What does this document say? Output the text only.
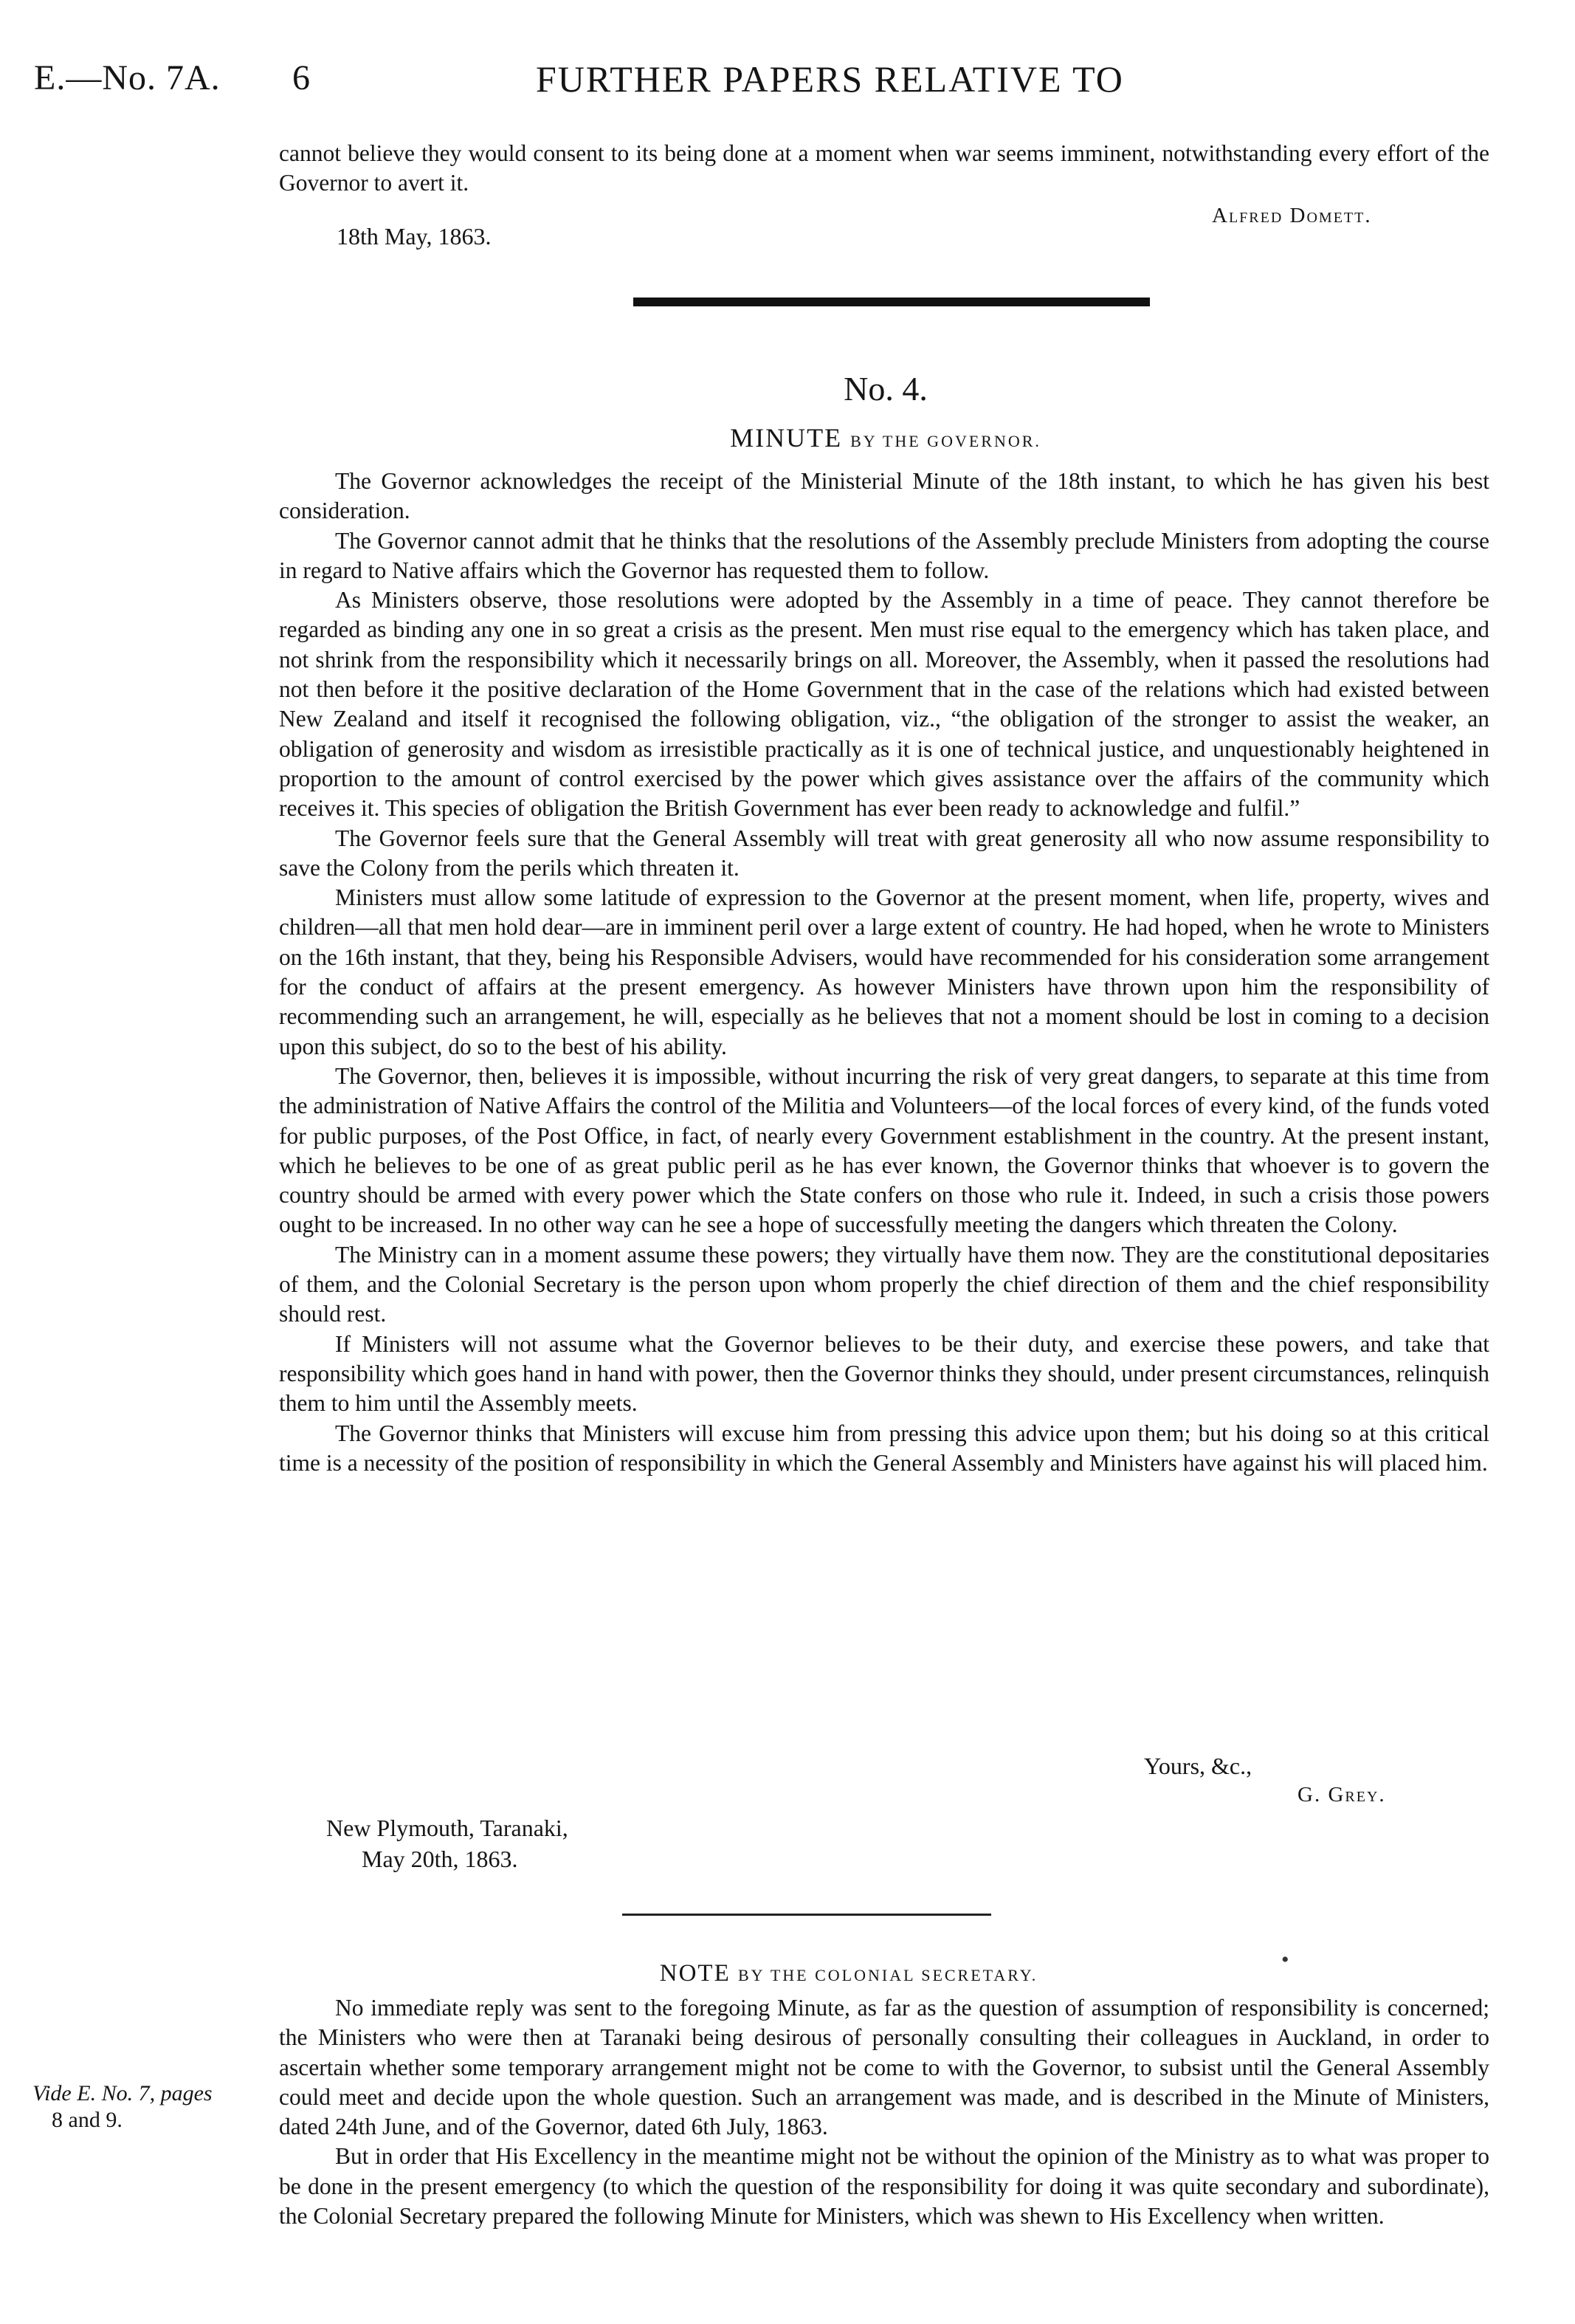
E.—No. 7A. 6	FURTHER PAPERS RELATIVE TO

cannot believe they would consent to its being done at a moment when war seems imminent, notwithstanding every effort of the Governor to avert it.

Alfred Domett.
18th May, 1863.
No. 4.
MINUTE BY THE GOVERNOR.

The Governor acknowledges the receipt of the Ministerial Minute of the 18th instant, to which he has given his best consideration.

The Governor cannot admit that he thinks that the resolutions of the Assembly preclude Ministers from adopting the course in regard to Native affairs which the Governor has requested them to follow.

As Ministers observe, those resolutions were adopted by the Assembly in a time of peace. They cannot therefore be regarded as binding any one in so great a crisis as the present. Men must rise equal to the emergency which has taken place, and not shrink from the responsibility which it necessarily brings on all. Moreover, the Assembly, when it passed the resolutions had not then before it the positive declaration of the Home Government that in the case of the relations which had existed between New Zealand and itself it recognised the following obligation, viz., “the obligation of the stronger to assist the weaker, an obligation of generosity and wisdom as irresistible practically as it is one of technical justice, and unquestionably heightened in proportion to the amount of control exercised by the power which gives assistance over the affairs of the community which receives it. This species of obligation the British Government has ever been ready to acknowledge and fulfil.”

The Governor feels sure that the General Assembly will treat with great generosity all who now assume responsibility to save the Colony from the perils which threaten it.

Ministers must allow some latitude of expression to the Governor at the present moment, when life, property, wives and children—all that men hold dear—are in imminent peril over a large extent of country. He had hoped, when he wrote to Ministers on the 16th instant, that they, being his Responsible Advisers, would have recommended for his consideration some arrangement for the conduct of affairs at the present emergency. As however Ministers have thrown upon him the responsibility of recommending such an arrangement, he will, especially as he believes that not a moment should be lost in coming to a decision upon this subject, do so to the best of his ability.

The Governor, then, believes it is impossible, without incurring the risk of very great dangers, to separate at this time from the administration of Native Affairs the control of the Militia and Volunteers—of the local forces of every kind, of the funds voted for public purposes, of the Post Office, in fact, of nearly every Government establishment in the country. At the present instant, which he believes to be one of as great public peril as he has ever known, the Governor thinks that whoever is to govern the country should be armed with every power which the State confers on those who rule it. Indeed, in such a crisis those powers ought to be increased. In no other way can he see a hope of successfully meeting the dangers which threaten the Colony.

The Ministry can in a moment assume these powers; they virtually have them now. They are the constitutional depositaries of them, and the Colonial Secretary is the person upon whom properly the chief direction of them and the chief responsibility should rest.

If Ministers will not assume what the Governor believes to be their duty, and exercise these powers, and take that responsibility which goes hand in hand with power, then the Governor thinks they should, under present circumstances, relinquish them to him until the Assembly meets.

The Governor thinks that Ministers will excuse him from pressing this advice upon them; but his doing so at this critical time is a necessity of the position of responsibility in which the General Assembly and Ministers have against his will placed him.

Yours, &c.,
G. Grey.
New Plymouth, Taranaki,
May 20th, 1863.
NOTE BY THE COLONIAL SECRETARY.
•

No immediate reply was sent to the foregoing Minute, as far as the question of assumption of responsibility is concerned; the Ministers who were then at Taranaki being desirous of personally consulting their colleagues in Auckland, in order to ascertain whether some temporary arrangement might not be come to with the Governor, to subsist until the General Assembly could meet and decide upon the whole question. Such an arrangement was made, and is described in the Minute of Ministers, dated 24th June, and of the Governor, dated 6th July, 1863.

But in order that His Excellency in the meantime might not be without the opinion of the Ministry as to what was proper to be done in the present emergency (to which the question of the responsibility for doing it was quite secondary and subordinate), the Colonial Secretary prepared the following Minute for Ministers, which was shewn to His Excellency when written.

Vide E. No. 7, pages
8 and 9.
